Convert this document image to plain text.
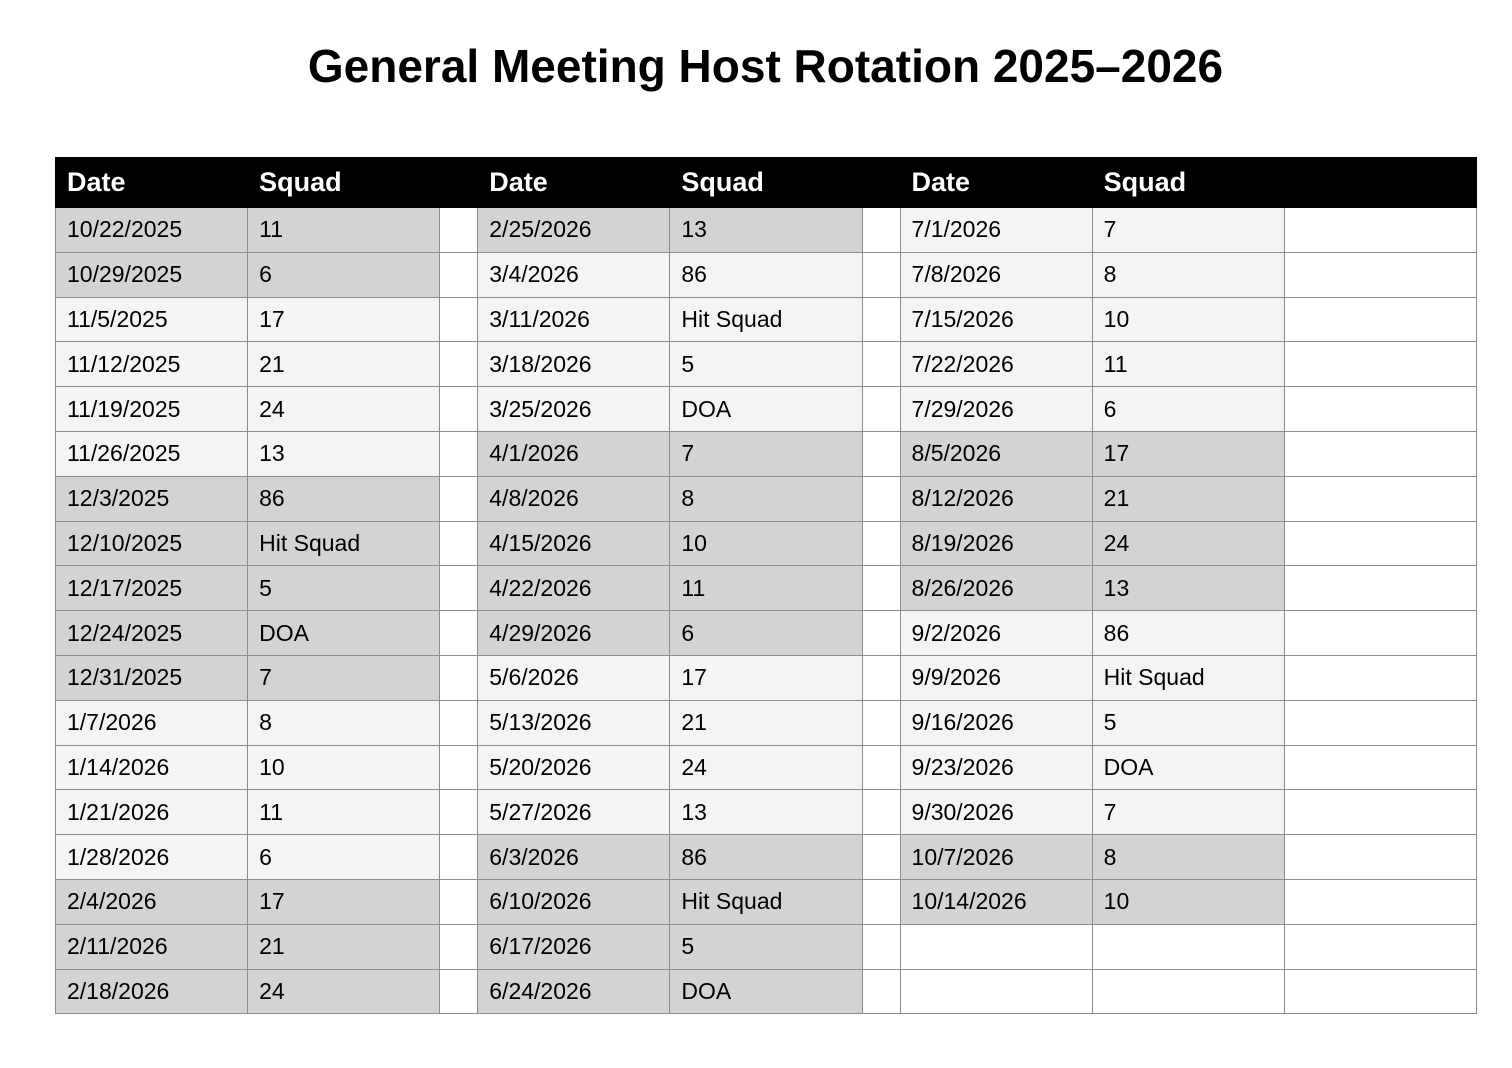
General Meeting Host Rotation 2025–2026
Date	Squad		Date	Squad		Date	Squad	
10/22/2025	11		2/25/2026	13		7/1/2026	7	
10/29/2025	6		3/4/2026	86		7/8/2026	8	
11/5/2025	17		3/11/2026	Hit Squad		7/15/2026	10	
11/12/2025	21		3/18/2026	5		7/22/2026	11	
11/19/2025	24		3/25/2026	DOA		7/29/2026	6	
11/26/2025	13		4/1/2026	7		8/5/2026	17	
12/3/2025	86		4/8/2026	8		8/12/2026	21	
12/10/2025	Hit Squad		4/15/2026	10		8/19/2026	24	
12/17/2025	5		4/22/2026	11		8/26/2026	13	
12/24/2025	DOA		4/29/2026	6		9/2/2026	86	
12/31/2025	7		5/6/2026	17		9/9/2026	Hit Squad	
1/7/2026	8		5/13/2026	21		9/16/2026	5	
1/14/2026	10		5/20/2026	24		9/23/2026	DOA	
1/21/2026	11		5/27/2026	13		9/30/2026	7	
1/28/2026	6		6/3/2026	86		10/7/2026	8	
2/4/2026	17		6/10/2026	Hit Squad		10/14/2026	10	
2/11/2026	21		6/17/2026	5				
2/18/2026	24		6/24/2026	DOA				
